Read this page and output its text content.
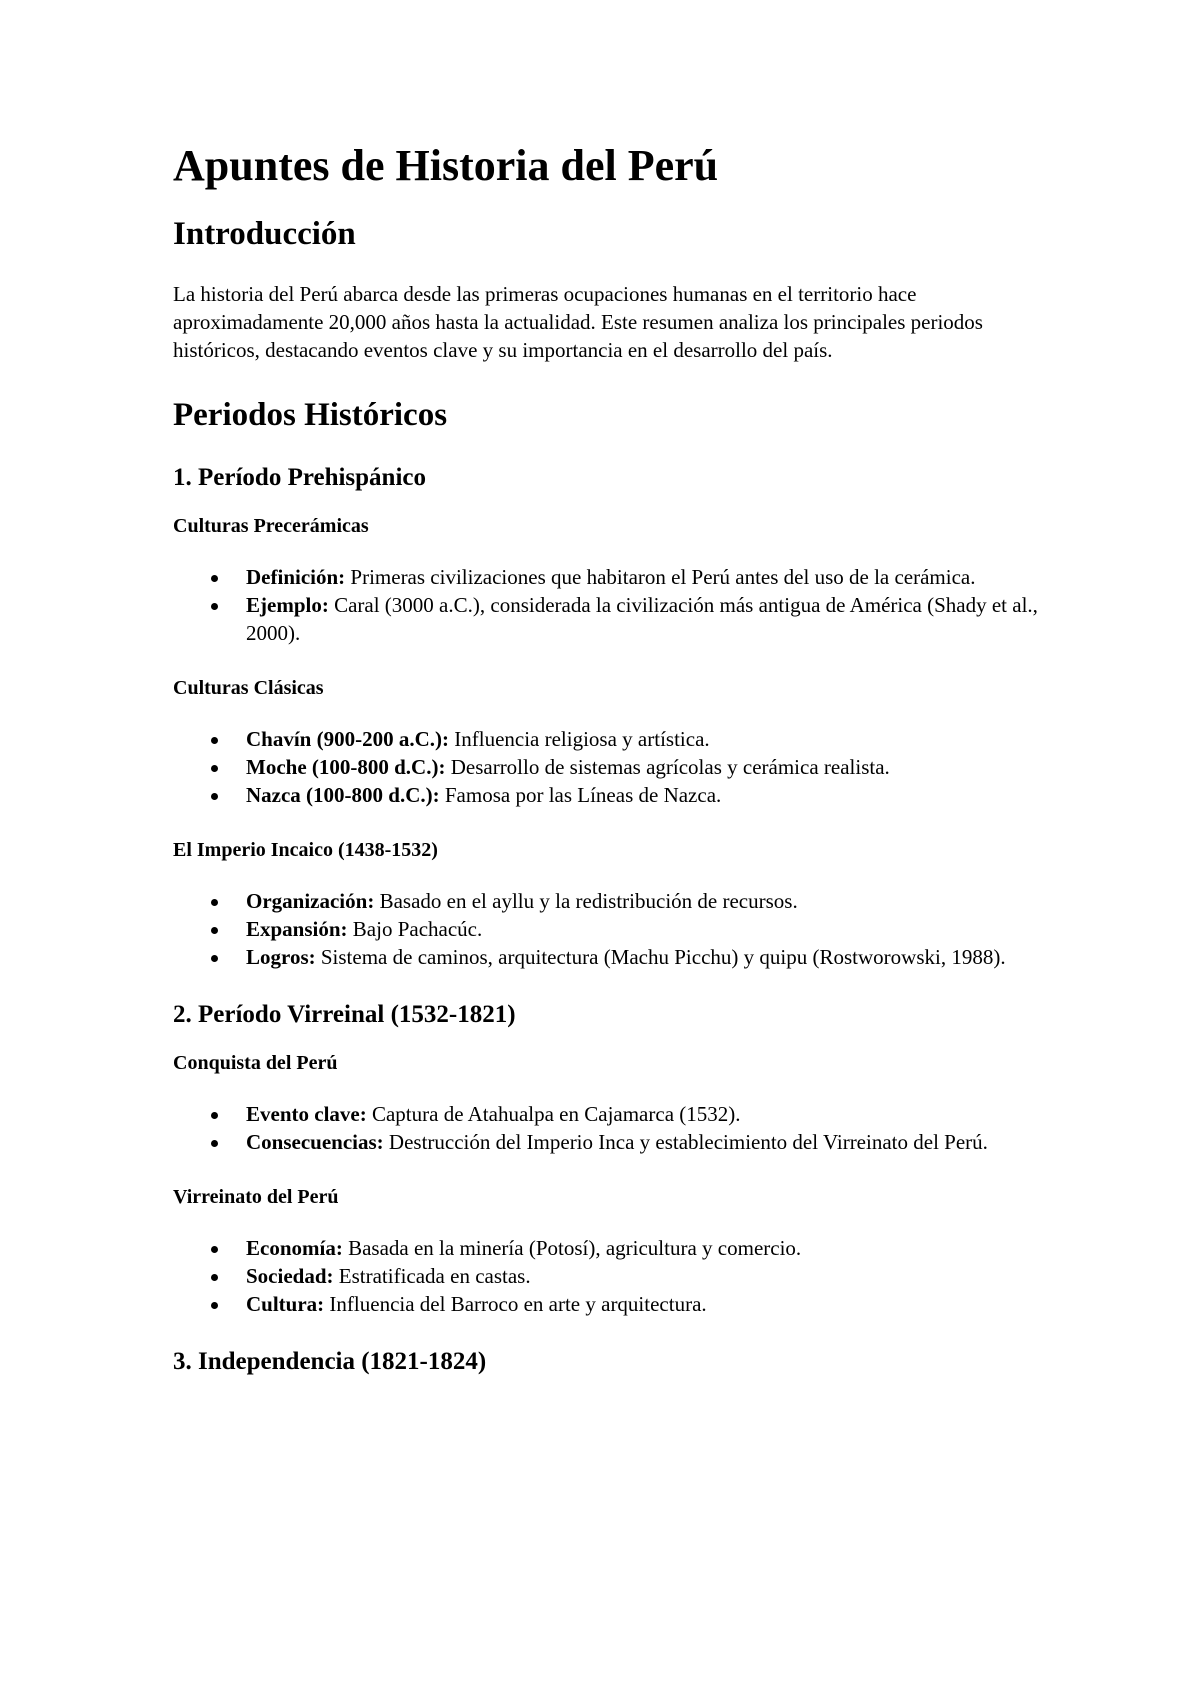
Apuntes de Historia del Perú
Introducción

La historia del Perú abarca desde las primeras ocupaciones humanas en el territorio hace aproximadamente 20,000 años hasta la actualidad. Este resumen analiza los principales periodos históricos, destacando eventos clave y su importancia en el desarrollo del país.

Periodos Históricos
1. Período Prehispánico
Culturas Precerámicas
Definición: Primeras civilizaciones que habitaron el Perú antes del uso de la cerámica.
Ejemplo: Caral (3000 a.C.), considerada la civilización más antigua de América (Shady et al., 2000).
Culturas Clásicas
Chavín (900-200 a.C.): Influencia religiosa y artística.
Moche (100-800 d.C.): Desarrollo de sistemas agrícolas y cerámica realista.
Nazca (100-800 d.C.): Famosa por las Líneas de Nazca.
El Imperio Incaico (1438-1532)
Organización: Basado en el ayllu y la redistribución de recursos.
Expansión: Bajo Pachacúc.
Logros: Sistema de caminos, arquitectura (Machu Picchu) y quipu (Rostworowski, 1988).
2. Período Virreinal (1532-1821)
Conquista del Perú
Evento clave: Captura de Atahualpa en Cajamarca (1532).
Consecuencias: Destrucción del Imperio Inca y establecimiento del Virreinato del Perú.
Virreinato del Perú
Economía: Basada en la minería (Potosí), agricultura y comercio.
Sociedad: Estratificada en castas.
Cultura: Influencia del Barroco en arte y arquitectura.
3. Independencia (1821-1824)
